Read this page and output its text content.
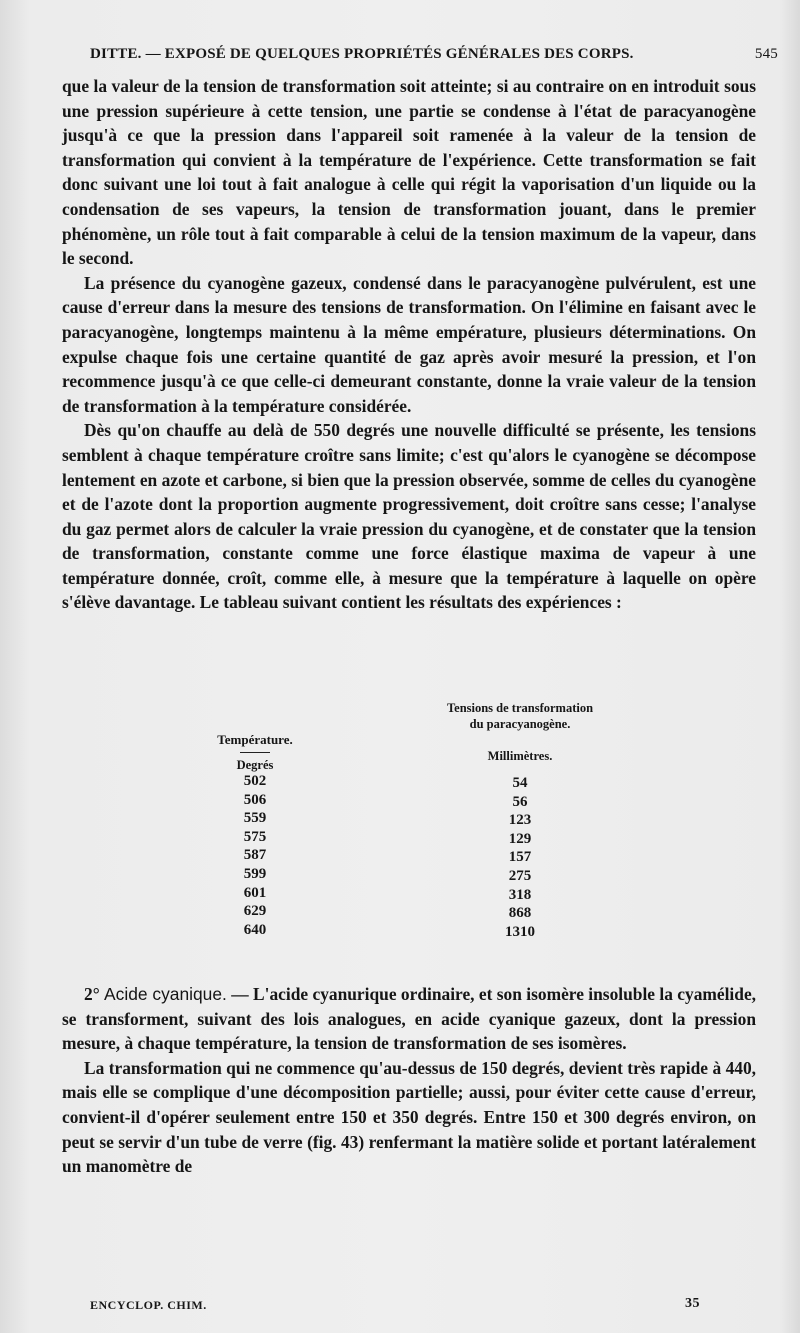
DITTE. — EXPOSÉ DE QUELQUES PROPRIÉTÉS GÉNÉRALES DES CORPS.	545

que la valeur de la tension de transformation soit atteinte; si au contraire on en introduit sous une pression supérieure à cette tension, une partie se condense à l'état de paracyanogène jusqu'à ce que la pression dans l'appareil soit ramenée à la valeur de la tension de transformation qui convient à la température de l'expérience. Cette transformation se fait donc suivant une loi tout à fait analogue à celle qui régit la vaporisation d'un liquide ou la condensation de ses vapeurs, la tension de transformation jouant, dans le premier phénomène, un rôle tout à fait comparable à celui de la tension maximum de la vapeur, dans le second.

La présence du cyanogène gazeux, condensé dans le paracyanogène pulvérulent, est une cause d'erreur dans la mesure des tensions de transformation. On l'élimine en faisant avec le paracyanogène, longtemps maintenu à la même empérature, plusieurs déterminations. On expulse chaque fois une certaine quantité de gaz après avoir mesuré la pression, et l'on recommence jusqu'à ce que celle-ci demeurant constante, donne la vraie valeur de la tension de transformation à la température considérée.

Dès qu'on chauffe au delà de 550 degrés une nouvelle difficulté se présente, les tensions semblent à chaque température croître sans limite; c'est qu'alors le cyanogène se décompose lentement en azote et carbone, si bien que la pression observée, somme de celles du cyanogène et de l'azote dont la proportion augmente progressivement, doit croître sans cesse; l'analyse du gaz permet alors de calculer la vraie pression du cyanogène, et de constater que la tension de transformation, constante comme une force élastique maxima de vapeur à une température donnée, croît, comme elle, à mesure que la température à laquelle on opère s'élève davantage. Le tableau suivant contient les résultats des expériences :

Température.
Tensions de transformation
du paracyanogène.
Degrés
Millimètres.
502
506
559
575
587
599
601
629
640
54
56
123
129
157
275
318
868
1310

2° Acide cyanique. — L'acide cyanurique ordinaire, et son isomère insoluble la cyamélide, se transforment, suivant des lois analogues, en acide cyanique gazeux, dont la pression mesure, à chaque température, la tension de transformation de ses isomères.

La transformation qui ne commence qu'au-dessus de 150 degrés, devient très rapide à 440, mais elle se complique d'une décomposition partielle; aussi, pour éviter cette cause d'erreur, convient-il d'opérer seulement entre 150 et 350 degrés. Entre 150 et 300 degrés environ, on peut se servir d'un tube de verre (fig. 43) renfermant la matière solide et portant latéralement un manomètre de

ENCYCLOP. CHIM.	35
